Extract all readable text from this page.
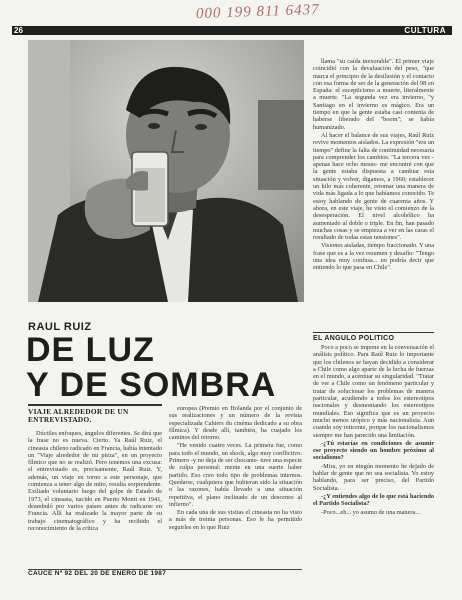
000 199 811 6437
26	CULTURA
RAUL RUIZ
DE LUZ
Y DE SOMBRA
VIAJE ALREDEDOR DE UN ENTREVISTADO.

Dúctiles enfoques, ángulos diferentes. Se dirá que la frase no es nueva. Cierto. Ya Raúl Ruiz, el cineasta chileno radicado en Francia, había intentado un "Viaje alrededor de mi pieza", en un proyecto fílmico que no se realizó. Pero tenemos una excusa: el entrevistado es, precisamente, Raúl Ruiz. Y, además, un viaje en torno a este personaje, que comienza a tener algo de mito, resulta sorprendente. Exiliado voluntario luego del golpe de Estado de 1973, el cineasta, nacido en Puerto Montt en 1941, deambuló por varios países antes de radicarse en Francia. Allí ha realizado la mayor parte de su trabajo cinematográfico y ha recibido el reconocimiento de la crítica

europea (Premio en Holanda por el conjunto de sus realizaciones y un número de la revista especializada Cahiers du cinéma dedicado a su obra fílmica). Y desde allí, también, ha cuajado los caminos del retorno.

"He venido cuatro veces. La primera fue, como para todo el mundo, un shock, algo muy conflictivo. Primero -y no deja de ser chocante- tuve una especie de culpa personal: mente en una suerte haber partido. Eso creo todo tipo de problemas internos. Quedarse, cualquiera que hubieran sido la situación o las razones, había llevado a una situación repetitiva, el plano inclinado de un descenso al infierno".

En cada una de sus visitas el cineasta no ha visto a más de treinta personas. Eso le ha permitido seguirles en lo que Ruiz

llama "su caída inexorable". El primer viaje coincidió con la devaluación del peso, "que marca el principio de la desilusión y el contacto con esa forma de ser de la generación del 98 en España: el escepticismo a muerte, literalmente a muerte. "La segunda vez era invierno, "y Santiago en el invierno es mágico. Era un tiempo en que la gente estaba casi contenta de haberse liberado del "boom"; se había humanizado.

Al hacer el balance de sus viajes, Raúl Ruiz revive momentos aislados. La expresión "era un tiempo" define la falta de continuidad necesaria para comprender los cambios. "La tercera vez -apenas hace ocho meses- me encontré con que la gente estaba dispuesta a cambiar esta situación y volver, digamos, a 1960; establecer un hilo más coherente, retomar una manera de vida más ligada a lo que habíamos conocido. Te estoy hablando de gente de cuarenta años. Y ahora, en este viaje, he visto el comienzo de la desesperación. El nivel alcohólico ha aumentado al doble o triple. En fin, han pasado muchas cosas y se empieza a ver en las caras el resultado de todas estas tensiones".

Visiones aisladas, tiempo fraccionado. Y una frase que es a la vez resumen y desafío: "Tengo una idea muy confusa... no podría decir que entiendo lo que pasa en Chile".

EL ANGULO POLITICO

Poco a poco se impone en la conversación el análisis político. Para Raúl Ruiz lo importante que los chilenos se hayan decidido a considerar a Chile como algo aparte de la lucha de fuerzas en el mundo, a acentuar su singularidad. "Tratar de ver a Chile como un fenómeno particular y tratar de solucionar los problemas de manera particular, acudiendo a todos los estereotipos nacionales y desmontando los estereotipos mundiales. Eso significa que es un proyecto mucho menos utópico y más nacionalista. Aun cuando soy reticente, porque los nacionalismos siempre me han parecido una limitación.

-¿Tú estarías en condiciones de asumir ese proyecto siendo un hombre próximo al socialismo?

-Mira, yo en ningún momento he dejado de hablar de gente que no sea socialista. Yo estoy hablando, para ser preciso, del Partido Socialista.

-¿Y entiendes algo de lo que está haciendo el Partido Socialista?

-Poco...eh... yo asumo de una manera...

CAUCE Nº 92 DEL 20 DE ENERO DE 1987
